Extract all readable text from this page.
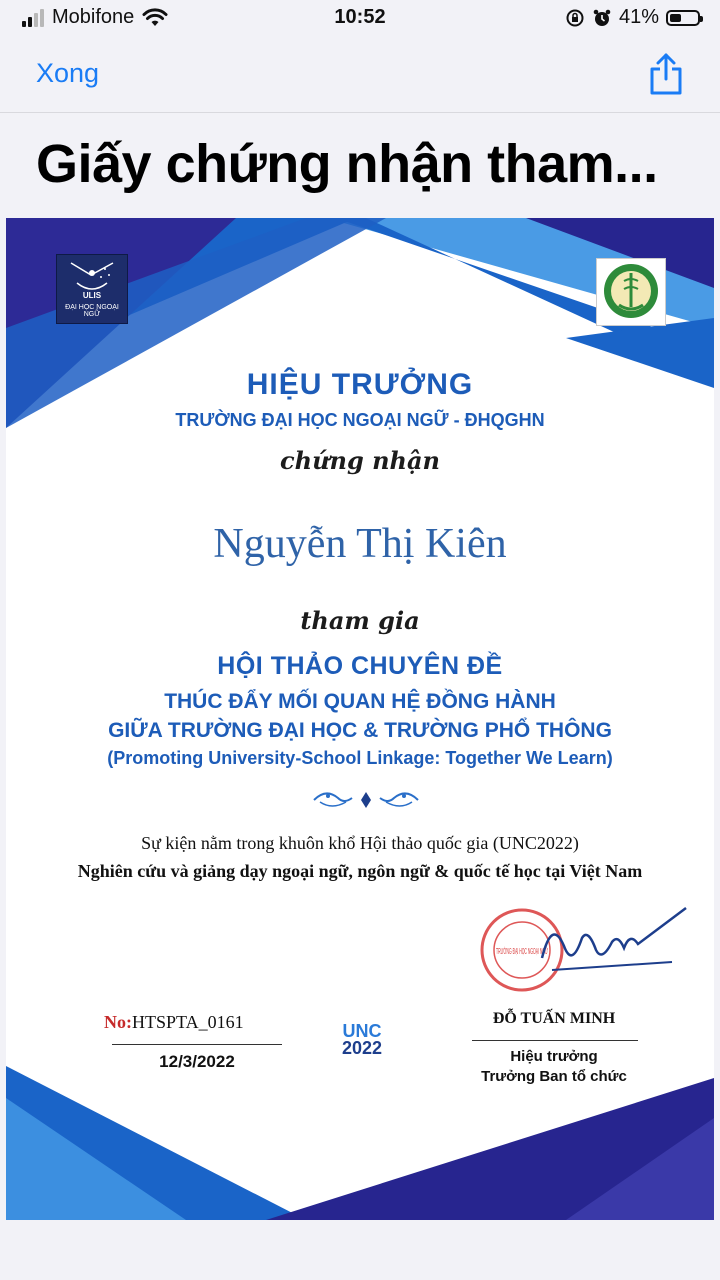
Mobifone	10:52	41%
Xong
Giấy chứng nhận tham...
ULIS
ĐẠI HỌC NGOẠI NGỮ
HIỆU TRƯỞNG
TRƯỜNG ĐẠI HỌC NGOẠI NGỮ - ĐHQGHN
chứng nhận
Nguyễn Thị Kiên
tham gia
HỘI THẢO CHUYÊN ĐỀ
THÚC ĐẨY MỐI QUAN HỆ ĐỒNG HÀNH
GIỮA TRƯỜNG ĐẠI HỌC & TRƯỜNG PHỔ THÔNG
(Promoting University-School Linkage: Together We Learn)
Sự kiện nằm trong khuôn khổ Hội thảo quốc gia (UNC2022)
Nghiên cứu và giảng dạy ngoại ngữ, ngôn ngữ & quốc tế học tại Việt Nam
TRƯỜNG ĐẠI HỌC NGOẠI NGỮ
No:HTSPTA_0161
12/3/2022
UNC
2022
ĐỖ TUẤN MINH
Hiệu trưởng
Trưởng Ban tổ chức
